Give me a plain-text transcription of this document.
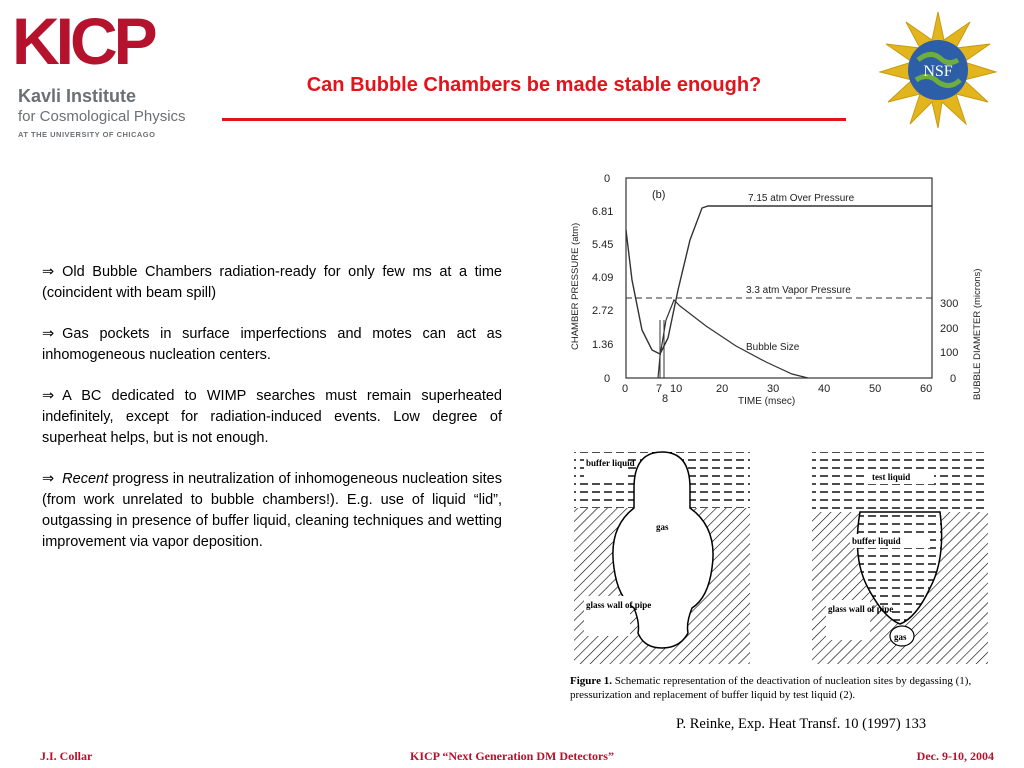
KICP
Kavli Institute
for Cosmological Physics
AT THE UNIVERSITY OF CHICAGO
Can Bubble Chambers be made stable enough?
NSF

⇒ Old Bubble Chambers radiation-ready for only few ms at a time (coincident with beam spill)

⇒ Gas pockets in surface imperfections and motes can act as inhomogeneous nucleation centers.

⇒ A BC dedicated to WIMP searches must remain superheated indefinitely, except for radiation-induced events. Low degree of superheat helps, but is not enough.

⇒ Recent progress in neutralization of inhomogeneous nucleation sites (from work unrelated to bubble chambers!). E.g. use of liquid “lid”, outgassing in presence of buffer liquid, cleaning techniques and wetting improvement via vapor deposition.

0
6.81
5.45
4.09
2.72
1.36
0
CHAMBER PRESSURE (atm)	300
200
100
0 BUBBLE DIAMETER (microns)
0	7 10	20	30	40	50	60
8	TIME (msec)
(b)	7.15 atm Over Pressure
3.3 atm Vapor Pressure
Bubble Size
buffer liquid
gas
glass wall of pipe
test liquid
buffer liquid
gas
glass wall of pipe
Figure 1. Schematic representation of the deactivation of nucleation sites by degassing (1), pressurization and replacement of buffer liquid by test liquid (2).
P. Reinke, Exp. Heat Transf. 10 (1997) 133
J.I. Collar	KICP “Next Generation DM Detectors”	Dec. 9-10, 2004
